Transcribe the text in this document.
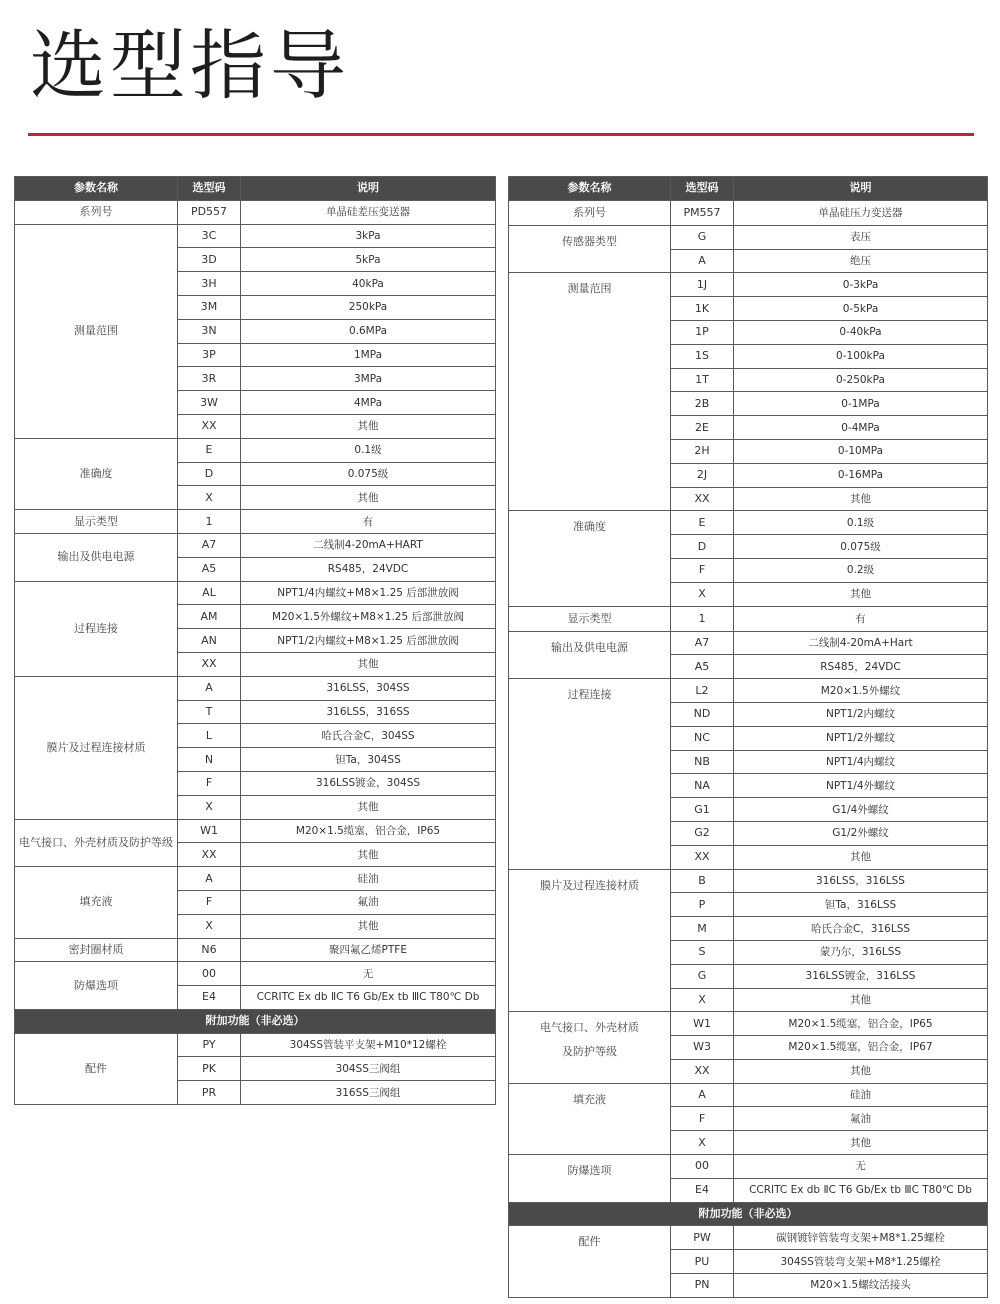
选型指导
参数名称	选型码	说明
系列号	PD557	单晶硅差压变送器
测量范围	3C	3kPa
	3D	5kPa
	3H	40kPa
	3M	250kPa
	3N	0.6MPa
	3P	1MPa
	3R	3MPa
	3W	4MPa
	XX	其他
准确度	E	0.1级
	D	0.075级
	X	其他
显示类型	1	有
输出及供电电源	A7	二线制4-20mA+HART
	A5	RS485，24VDC
过程连接	AL	NPT1/4内螺纹+M8×1.25 后部泄放阀
	AM	M20×1.5外螺纹+M8×1.25 后部泄放阀
	AN	NPT1/2内螺纹+M8×1.25 后部泄放阀
	XX	其他
膜片及过程连接材质	A	316LSS，304SS
	T	316LSS，316SS
	L	哈氏合金C，304SS
	N	钽Ta，304SS
	F	316LSS镀金，304SS
	X	其他
电气接口、外壳材质及防护等级	W1	M20×1.5缆塞，铝合金，IP65
	XX	其他
填充液	A	硅油
	F	氟油
	X	其他
密封圈材质	N6	聚四氟乙烯PTFE
防爆选项	00	无
	E4	CCRITC Ex db ⅡC T6 Gb/Ex tb ⅢC T80℃ Db
附加功能（非必选）		
配件	PY	304SS管装平支架+M10*12螺栓
	PK	304SS三阀组
	PR	316SS三阀组
参数名称	选型码	说明
系列号	PM557	单晶硅压力变送器
传感器类型	G	表压
	A	绝压
测量范围	1J	0-3kPa
	1K	0-5kPa
	1P	0-40kPa
	1S	0-100kPa
	1T	0-250kPa
	2B	0-1MPa
	2E	0-4MPa
	2H	0-10MPa
	2J	0-16MPa
	XX	其他
准确度	E	0.1级
	D	0.075级
	F	0.2级
	X	其他
显示类型	1	有
输出及供电电源	A7	二线制4-20mA+Hart
	A5	RS485，24VDC
过程连接	L2	M20×1.5外螺纹
	ND	NPT1/2内螺纹
	NC	NPT1/2外螺纹
	NB	NPT1/4内螺纹
	NA	NPT1/4外螺纹
	G1	G1/4外螺纹
	G2	G1/2外螺纹
	XX	其他
膜片及过程连接材质	B	316LSS，316LSS
	P	钽Ta，316LSS
	M	哈氏合金C，316LSS
	S	蒙乃尔，316LSS
	G	316LSS镀金，316LSS
	X	其他
电气接口、外壳材质
及防护等级	W1	M20×1.5缆塞，铝合金，IP65
	W3	M20×1.5缆塞，铝合金，IP67
	XX	其他
填充液	A	硅油
	F	氟油
	X	其他
防爆选项	00	无
	E4	CCRITC Ex db ⅡC T6 Gb/Ex tb ⅢC T80℃ Db
附加功能（非必选）		
配件	PW	碳钢镀锌管装弯支架+M8*1.25螺栓
	PU	304SS管装弯支架+M8*1.25螺栓
	PN	M20×1.5螺纹活接头
